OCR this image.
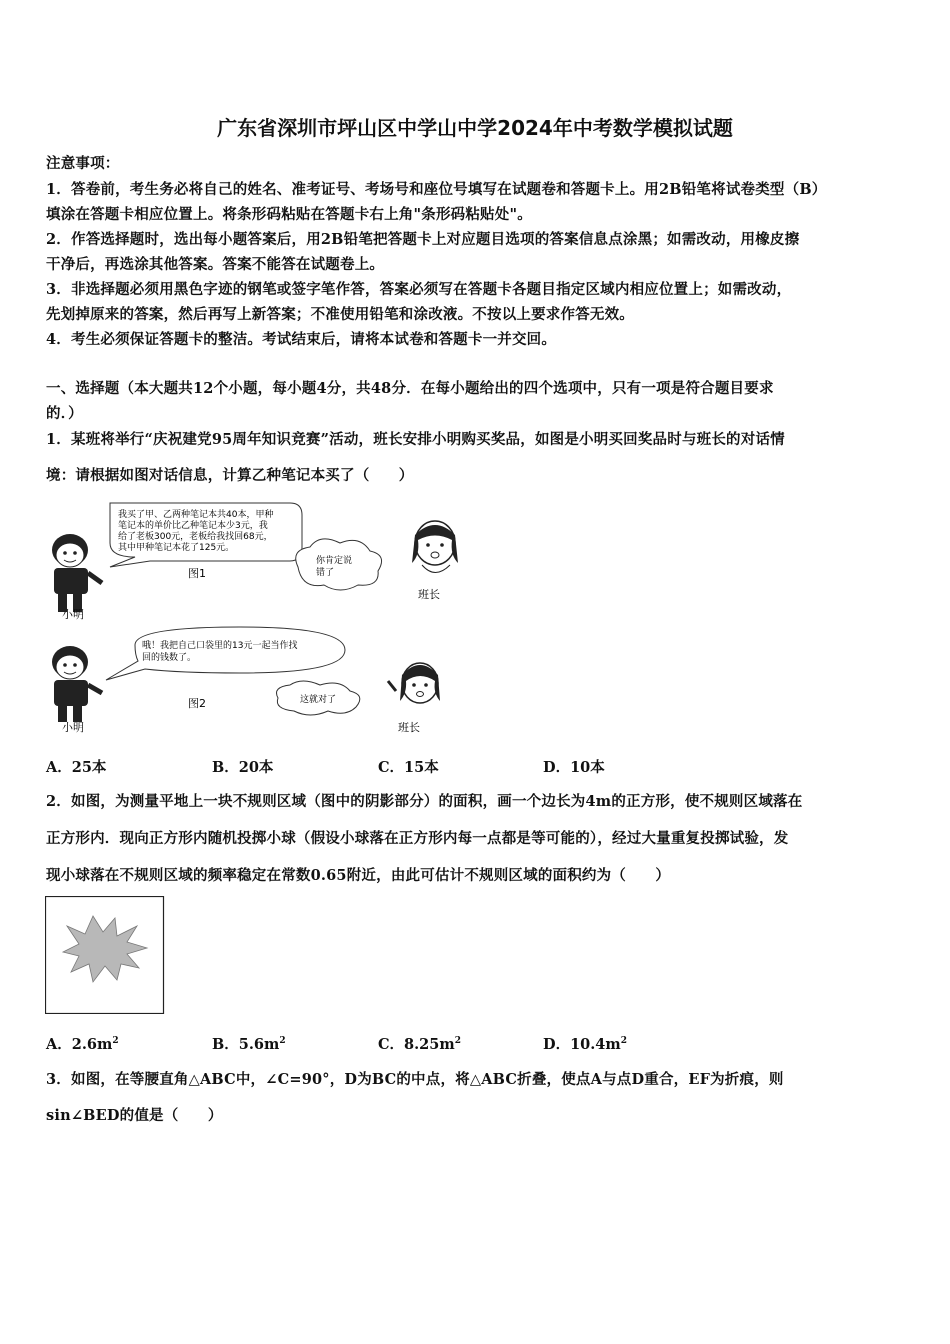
广东省深圳市坪山区中学山中学2024年中考数学模拟试题
注意事项：
1．答卷前，考生务必将自己的姓名、准考证号、考场号和座位号填写在试题卷和答题卡上。用2B铅笔将试卷类型（B）
填涂在答题卡相应位置上。将条形码粘贴在答题卡右上角"条形码粘贴处"。
2．作答选择题时，选出每小题答案后，用2B铅笔把答题卡上对应题目选项的答案信息点涂黑；如需改动，用橡皮擦
干净后，再选涂其他答案。答案不能答在试题卷上。
3．非选择题必须用黑色字迹的钢笔或签字笔作答，答案必须写在答题卡各题目指定区域内相应位置上；如需改动，
先划掉原来的答案，然后再写上新答案；不准使用铅笔和涂改液。不按以上要求作答无效。
4．考生必须保证答题卡的整洁。考试结束后，请将本试卷和答题卡一并交回。
一、选择题（本大题共12个小题，每小题4分，共48分．在每小题给出的四个选项中，只有一项是符合题目要求
的．）
1．某班将举行“庆祝建党95周年知识竞赛”活动，班长安排小明购买奖品，如图是小明买回奖品时与班长的对话情
境：请根据如图对话信息，计算乙种笔记本买了（　　）
我买了甲、乙两种笔记本共40本，甲种
笔记本的单价比乙种笔记本少3元，我
给了老板300元，老板给我找回68元，
其中甲种笔记本花了125元。
你肯定说
错了
图1
班长
小明
哦！我把自己口袋里的13元一起当作找
回的钱数了。
图2	这就对了
班长
小明
A．25本	B．20本	C．15本	D．10本
2．如图，为测量平地上一块不规则区域（图中的阴影部分）的面积，画一个边长为4m的正方形，使不规则区域落在
正方形内．现向正方形内随机投掷小球（假设小球落在正方形内每一点都是等可能的），经过大量重复投掷试验，发
现小球落在不规则区域的频率稳定在常数0.65附近，由此可估计不规则区域的面积约为（　　）
A．$2.6m^2$	B．$5.6m^2$	C．$8.25m^2$	D．$10.4m^2$
3．如图，在等腰直角△ABC中，∠C=90°，D为BC的中点，将△ABC折叠，使点A与点D重合，EF为折痕，则
sin∠BED的值是（　　）
